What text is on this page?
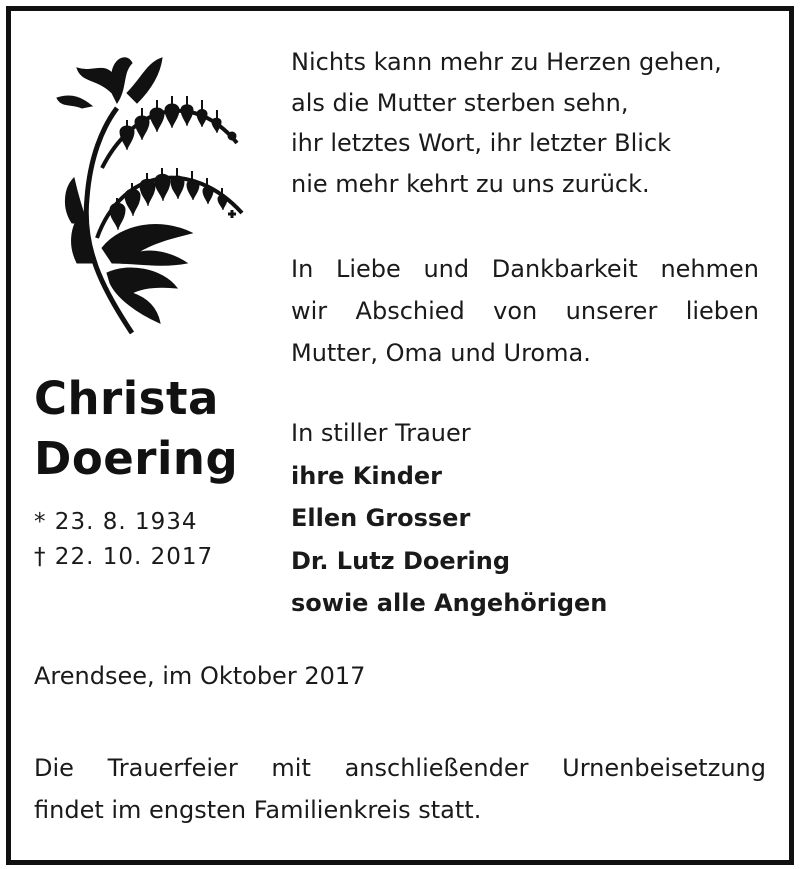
Nichts kann mehr zu Herzen gehen,
als die Mutter sterben sehn,
ihr letztes Wort, ihr letzter Blick
nie mehr kehrt zu uns zurück.
In Liebe und Dankbarkeit nehmen
wir Abschied von unserer lieben
Mutter, Oma und Uroma.
Christa
Doering
* 23. 8. 1934
† 22. 10. 2017
In stiller Trauer
ihre Kinder
Ellen Grosser
Dr. Lutz Doering
sowie alle Angehörigen
Arendsee, im Oktober 2017
Die Trauerfeier mit anschließender Urnenbeisetzung
findet im engsten Familienkreis statt.
